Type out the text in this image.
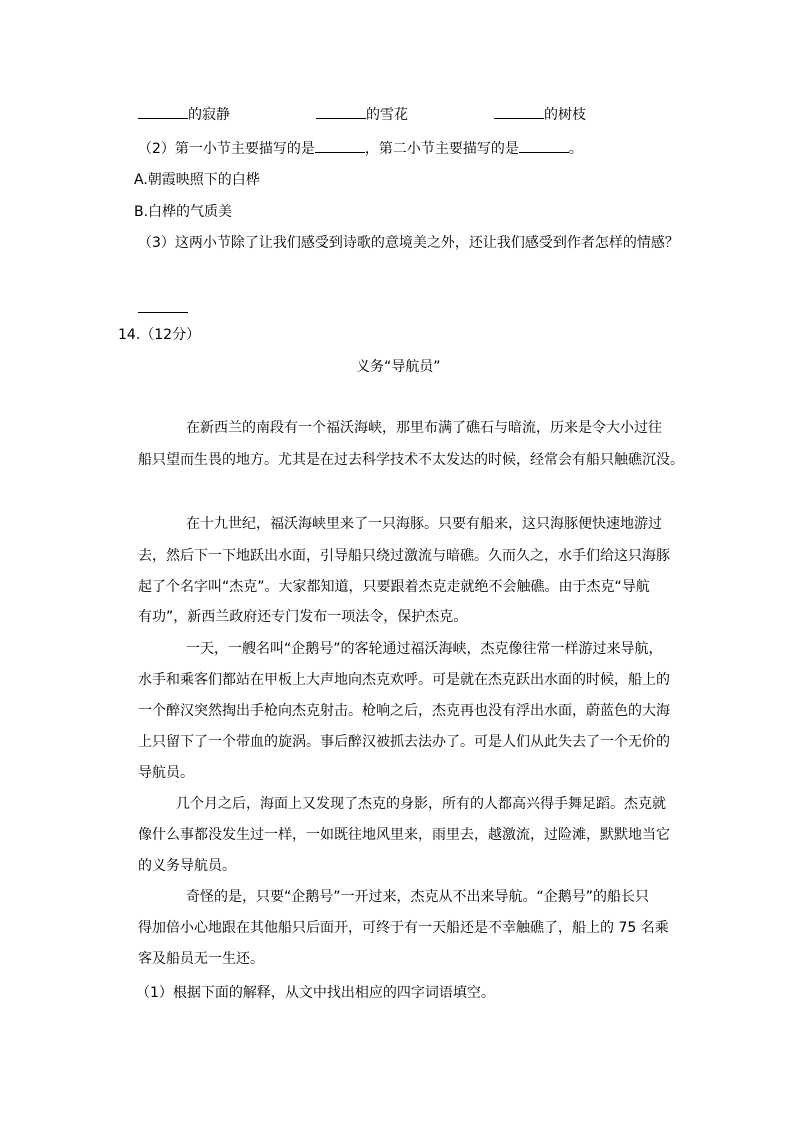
的寂静	的雪花	的树枝
（2）第一小节主要描写的是	，第二小节主要描写的是	。
A.朝霞映照下的白桦
B.白桦的气质美
（3）这两小节除了让我们感受到诗歌的意境美之外，还让我们感受到作者怎样的情感？
14.（12分）
义务“导航员”
在新西兰的南段有一个福沃海峡，那里布满了礁石与暗流，历来是令大小过往
船只望而生畏的地方。尤其是在过去科学技术不太发达的时候，经常会有船只触礁沉没。
在十九世纪，福沃海峡里来了一只海豚。只要有船来，这只海豚便快速地游过
去，然后下一下地跃出水面，引导船只绕过激流与暗礁。久而久之，水手们给这只海豚
起了个名字叫“杰克”。大家都知道，只要跟着杰克走就绝不会触礁。由于杰克“导航
有功”，新西兰政府还专门发布一项法令，保护杰克。
一天，一艘名叫“企鹅号”的客轮通过福沃海峡，杰克像往常一样游过来导航，
水手和乘客们都站在甲板上大声地向杰克欢呼。可是就在杰克跃出水面的时候，船上的
一个醉汉突然掏出手枪向杰克射击。枪响之后，杰克再也没有浮出水面，蔚蓝色的大海
上只留下了一个带血的旋涡。事后醉汉被抓去法办了。可是人们从此失去了一个无价的
导航员。
几个月之后，海面上又发现了杰克的身影，所有的人都高兴得手舞足蹈。杰克就
像什么事都没发生过一样，一如既往地风里来，雨里去，越激流，过险滩，默默地当它
的义务导航员。
奇怪的是，只要“企鹅号”一开过来，杰克从不出来导航。“企鹅号”的船长只
得加倍小心地跟在其他船只后面开，可终于有一天船还是不幸触礁了，船上的 75 名乘
客及船员无一生还。
（1）根据下面的解释，从文中找出相应的四字词语填空。
